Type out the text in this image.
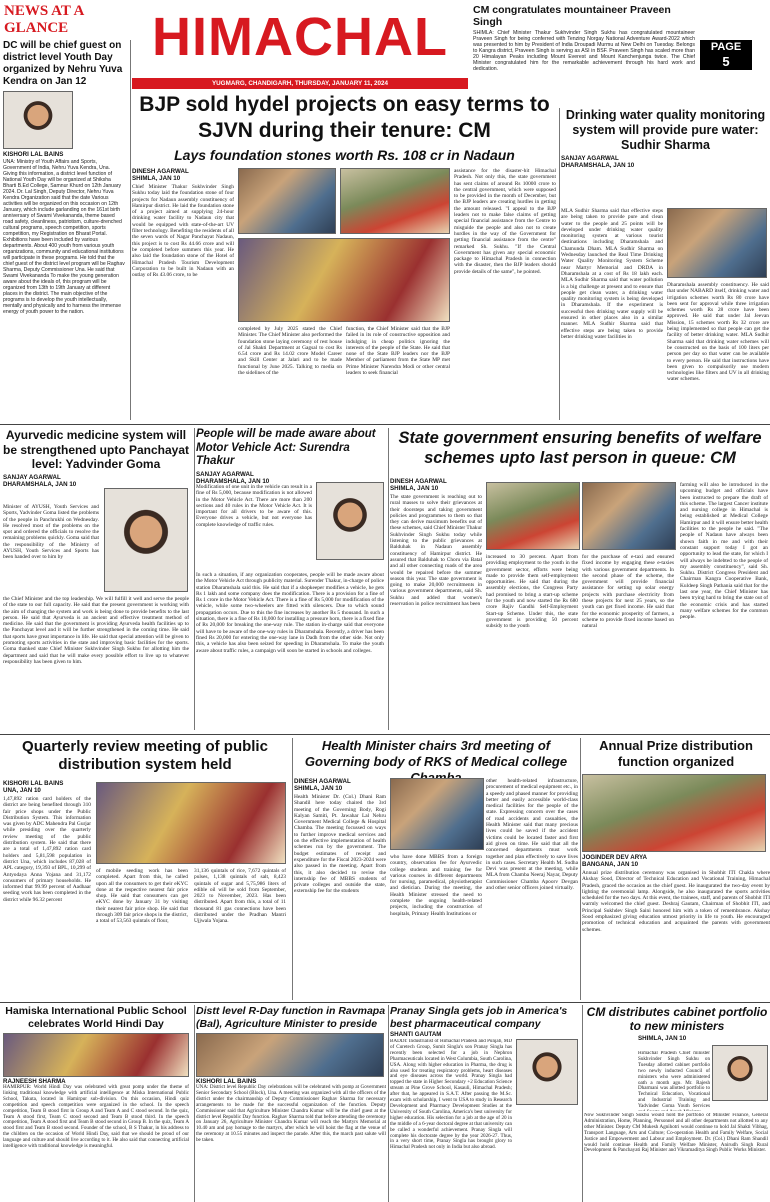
NEWS AT A GLANCE	HIMACHAL
YUGMARG, CHANDIGARH, THURSDAY, JANUARY 11, 2024
CM congratulates mountaineer Praveen Singh
SHIMLA: Chief Minister Thakur Sukhvinder Singh Sukhu has congratulated mountaineer Praveen Singh for being conferred with Tenzing Norgay National Adventure Award-2022 which was presented to him by President of India Droupadi Murmu at New Delhi on Tuesday. Belongs to Kangra district, Praveen Singh is serving as ASI in BSF. Praveen Singh has scaled more than 20 Himalayan Peaks including Mount Everest and Mount Kanchenjunga twice. The Chief Minister congratulated him for the remarkable achievement through his hard work and dedication.
PAGE
5
DC will be chief guest on district level Youth Day organized by Nehru Yuva Kendra on Jan 12
KISHORI LAL BAINS
UNA: Ministry of Youth Affairs and Sports, Government of India, Nehru Yuva Kendra, Una. Giving this information, a district level function of National Youth Day will be organized at Shiksha Bharti B.Ed College, Samnur Khurd on 12th January 2024. Dr. Lal Singh, Deputy Director, Nehru Yuva Kendra Organization said that the date Various activities will be organized on this occasion on 12th January, which include garlanding on the 161st birth anniversary of Swami Vivekananda, theme based road safety, cleanliness, patriotism, culture-drenched cultural programs, speech competition, sports competition, my Registration on Bharat Portal. Exhibitions have been included by various departments. About 400 youth from various youth organizations, community and educational institutions will participate in these programs. He told that the chief guest of the district level program will be Raghav Sharma, Deputy Commissioner Una. He said that Swami Vivekananda To make the young generation aware about the ideals of, this program will be organized from 13th to 19th January at different places in the district. The main objective of the programs is to develop the youth intellectually, mentally and physically and to harness the immense energy of youth power to the nation.
BJP sold hydel projects on easy terms to SJVN during their tenure: CM
Lays foundation stones worth Rs. 108 cr in Nadaun
DINESH AGARWAL
SHIMLA, JAN 10
Chief Minister Thakur Sukhvinder Singh Sukhu today laid the foundation stone of four projects for Nadaun assembly constituency of Hamirpur district. He laid the foundation stone of a project aimed at supplying 24-hour drinking water facility to Nadaun city that would be equipped with state-of-the-art UV filter technology. Benefiting the residents of all the seven wards of Nagar Panchayat Nadaun, this project is to cost Rs 44.66 crore and will be completed before summers this year. He also laid the foundation stone of the Hotel of Himachal Pradesh Tourism Development Corporation to be built in Nadaun with an outlay of Rs 43.06 crore, to be
completed by July 2025 stated the Chief Minister. The Chief Minister also performed the foundation stone laying ceremony of rest house of Jal Shakti Department at Gagsal to cost Rs 6.54 crore and Rs 14.02 crore Model Career and Skill Center at Jalari and to be made functional by June 2025. Talking to media on the sidelines of the
function, the Chief Minister said that the BJP failed in its role of constructive opposition and indulging in cheap politics ignoring the interests of the people of the State. He said that none of the State BJP leaders nor the BJP Member of parliament from the State MP met Prime Minister Narendra Modi or other central leaders to seek financial
assistance for the disaster-hit Himachal Pradesh. Not only this, the state government has sent claims of around Rs 10000 crore to the central government, which were supposed to be provided in the month of December, but the BJP leaders are creating hurdles in getting the amount released. "I appeal to the BJP leaders not to make false claims of getting special financial assistance from the Centre to misguide the people and also not to create hurdles in the way of the Government for getting financial assistance from the centre" remarked Sh. Sukhu. "If the Central Government has given any special economic package to Himachal Pradesh in connection with the disaster, then the BJP leaders should provide details of the same", he pointed.
Drinking water quality monitoring system will provide pure water: Sudhir Sharma
SANJAY AGARWAL
DHARAMSHALA, JAN 10
MLA Sudhir Sharma said that effective steps are being taken to provide pure and clean water to the people and 25 points will be developed under drinking water quality monitoring system at various tourist destinations including Dharamshala and Chamunda Dham. MLA Sudhir Sharma on Wednesday launched the Real Time Drinking Water Quality Monitoring System Scheme near Martyr Memorial and DRDA in Dharamshala at a cost of Rs 18 lakh each. MLA Sudhir Sharma said that water pollution is a big challenge at present and to ensure that people get clean water, a drinking water quality monitoring system is being developed in Dharamshala. If the experiment is successful then drinking water supply will be ensured in other places also in a similar manner. MLA Sudhir Sharma said that effective steps are being taken to provide better drinking water facilities in
Dharamshala assembly constituency. He said that under NABARD itself, drinking water and irrigation schemes worth Rs 80 crore have been sent for approval while three irrigation schemes worth Rs 28 crore have been approved. He said that under Jal Jeevan Mission, 15 schemes worth Rs 32 crore are being implemented so that people can get the facility of better drinking water. MLA Sudhir Sharma said that drinking water schemes will be constructed on the basis of 100 liters per person per day so that water can be available to every person. He said that instructions have been given to compulsorily use modern technologies like filters and UV in all drinking water schemes.
Ayurvedic medicine system will be strengthened upto Panchayat level: Yadvinder Goma
SANJAY AGARWAL
DHARAMSHALA, JAN 10
Minister of AYUSH, Youth Services and Sports, Yadvinder Goma listed the problems of the people in Panchrukhi on Wednesday. He resolved most of the problems on the spot and ordered the officials to resolve the remaining problems quickly. Goma said that the responsibility of the Ministry of AYUSH, Youth Services and Sports has been handed over to him by
the Chief Minister and the top leadership. We will fulfill it well and serve the people of the state to our full capacity. He said that the present government is working with the aim of changing the system and work is being done to provide benefits to the last person. He said that Ayurveda is an ancient and effective treatment method of medicine. He said that the government is providing Ayurveda health facilities up to the Panchayat level and it will be further strengthened in the coming time. He said that sports have great importance in life. He said that special attention will be given to promoting sports activities in the state and improving basic facilities for the sports. Goma thanked state Chief Minister Sukhvinder Singh Sukhu for allotting him the department and said that he will make every possible effort to live up to whatever responsibility has been given to him.
People will be made aware about Motor Vehicle Act: Surendra Thakur
SANJAY AGARWAL
DHARAMSHALA, JAN 10
Modification of one unit in the vehicle can result in a fine of Rs 5,000, because modification is not allowed in the Motor Vehicle Act. There are more than 200 sections and 40 rules in the Motor Vehicle Act. It is important for all drivers to be aware of this. Everyone drives a vehicle, but not everyone has complete knowledge of traffic rules.
In such a situation, if any organization cooperates, people will be made aware about the Motor Vehicle Act through publicity material. Surender Thakur, in-charge of police station Dharamshala said this. He said that if a shopkeeper modifies a vehicle, he gets Rs 1 lakh and some company does the modification. There is a provision for a fine of Rs 1 crore in the Motor Vehicle Act. There is a fine of Rs 5,000 for modification of the vehicle, while some two-wheelers are fitted with silencers. Due to which sound propagation occurs. Due to this the fine increases by another Rs 5 thousand. In such a situation, there is a fine of Rs 10,000 for installing a pressure horn, there is a fixed fine of Rs 20,000 for breaking the one-way rule. The station in-charge said that everyone will have to be aware of the one-way rules in Dharamshala. Recently, a driver has been fined Rs 20,000 for entering the one-way lane in Dadh from the other side. Not only this, a vehicle has also been seized for speeding in Dharamshala. To make the youth aware about traffic rules, a campaign will soon be started in schools and colleges.
State government ensuring benefits of welfare schemes upto last person in queue: CM
DINESH AGARWAL
SHIMLA, JAN 10
The state government is reaching out to rural masses to solve their grievances at their doorsteps and taking government policies and programmes to them so that they can derive maximum benefits out of these schemes, said Chief Minister Thakur Sukhvinder Singh Sukhu today while listening to the public grievances at Balduhak in Nadaun assembly constituency of Hamirpur district. He assured that Balduhak to Choru via Batal and all other connecting roads of the area would be repaired before the summer season this year. The state government is going to make 20,000 recruitments in various government departments, said Sh. Sukhu and added that women's reservation in police recruitment has been
increased to 30 percent. Apart from providing employment to the youth in the government sector, efforts were being made to provide them self-employment opportunities. He said that during the assembly elections, the Congress Party had promised to bring a start-up scheme for the youth and now started the Rs 680 crore Rajiv Gandhi Self-Employment Start-up Scheme. Under this, the state government is providing 50 percent subsidy to the youth
for the purchase of e-taxi and ensured fixed income by engaging these e-taxies with various government departments. In the second phase of the scheme, the government will provide financial assistance for setting up solar energy projects with purchase electricity from these projects for next 25 years, so the youth can get fixed income. He said that for the economic prosperity of farmers, a scheme to provide fixed income based on natural
farming will also be introduced in the upcoming budget and officials have been instructed to prepare the draft of this scheme. The largest Cancer institute and nursing college in Himachal is being established at Medical College Hamirpur and it will ensure better health facilities to the people he said. "The people of Nadaun have always been shown faith in me and with their constant support today I got an opportunity to lead the state, for which I will always be indebted to the people of my assembly constituency", said Sh. Sukhu. District Congress President and Chairman Kangra Cooperative Bank, Kuldeep Singh Pathania said that for the last one year, the Chief Minister has been trying hard to bring the state out of the economic crisis and has started many welfare schemes for the common people.
Quarterly review meeting of public distribution system held
KISHORI LAL BAINS
UNA, JAN 10
1,47,892 ration card holders of the district are being benefited through 310 fair price shops under the Public Distribution System. This information was given by ADC Mahendra Pal Gurjar while presiding over the quarterly review meeting of the public distribution system. He said that there are a total of 1,47,892 ration card holders and 5,81,598 population in district Una, which includes 87,028 of APL category, 19,393 of BPL, 10,299 of Antyodaya Anna Yojana and 31,172 consumers of primary households. He informed that 99.99 percent of Aadhaar seeding work has been completed in the district while 96.32 percent
of mobile seeding work has been completed. Apart from this, he called upon all the consumers to get their eKYC done at the respective nearest fair price shop. He said that consumers can get eKYC done by January 31 by visiting their nearest fair price shop. He said that through 309 fair price shops in the district, a total of 53,563 quintals of flour,
31,136 quintals of rice, 7,672 quintals of pulses, 1,138 quintals of salt, 8,423 quintals of sugar and 5,75,986 liters of edible oil will be sold from September, 2023 to November, 2023. Has been distributed. Apart from this, a total of 11 thousand 81 gas connections have been distributed under the Pradhan Mantri Ujjwala Yojana.
Health Minister chairs 3rd meeting of Governing body of RKS of Medical college
DINESH AGARWAL
SHIMLA, JAN 10
Health Minister Dr. (Col.) Dhani Ram Shandil here today chaired the 3rd meeting of the Governing Body, Rogi Kalyan Samiti, Pt. Jawahar Lal Nehru Government Medical College & Hospital Chamba. The meeting focussed on ways to further improve medical services and on the effective implementation of health schemes run by the government. The budget estimates of receipt and expenditure for the Fiscal 2023-2024 were also passed in the meeting. Apart from this, it also decided to revise the internship fee of MBBS students of private colleges and outside the state, externship fee for the students
who have done MBBS from a foreign country, observation fee for Ayurvedic college students and training fee for various courses in different departments for nursing, paramedical, physiotherapist and dietician. During the meeting, the Health Minister stressed the need to complete the ongoing health-related projects, including the construction of hospitals, Primary Health Institutions or
other health-related infrastructure, procurement of medical equipment etc., in a speedy and phased manner for providing better and easily accessible world-class medical facilities for the people of the state. Expressing concern over the cases of road accidents and casualties, the Health Minister said that many precious lives could be saved if the accident victims could be located faster and first aid given on time. He said that all the concerned departments must work together and plan effectively to save lives in such cases. Secretary Health M. Sudha Devi was present at the meeting, while MLA from Chamba Neeraj Nayar, Deputy Commissioner Chamba Apoorv Devgan and other senior officers joined virtually.
Annual Prize distribution function organized
JOGINDER DEV ARYA
BANGANA, JAN 10
Annual prize distribution ceremony was organised in Shobhit ITI Chakla where Akshay Sood, Director of Technical Education and Vocational Training, Himachal Pradesh, graced the occasion as the chief guest. He inaugurated the two-day event by lighting the ceremonial lamp. Alongside, he also inaugurated the sports activities scheduled for the two days. At this event, the trainees, staff, and parents of Shobhit ITI warmly welcomed the chief guest. Deshraj Gautam, Chairman of Shobhit ITI, and Principal Sukhdev Singh Saini honored him with a token of remembrance. Akshay Sood emphasized giving education utmost priority in life to youth. He encouraged promotion of technical education and acquainted the parents with government schemes.
Hamiska International Public School celebrates World Hindi Day
RAJNEESH SHARMA
HAMIRPUR: World Hindi Day was celebrated with great pomp under the theme of linking traditional knowledge with artificial intelligence at Miska International Public School, Takuta, located in Hamirpur sub-division. On this occasion, Hindi quiz competition and speech competition were organized in the school. In the speech competition, Team B stood first in Group A and Team A and C stood second. In the quiz, Team A stood first, Team C stood second and Team B stood third. In the speech competition, Team A stood first and Team B stood second in Group B. In the quiz, Team A stood first and Team B stood second. Founder of the school, B S Thakur, in his address to the children on the occasion of World Hindi Day, said that we should be proud of our language and culture and should live according to it. He also said that connecting artificial intelligence with traditional knowledge is meaningful.
Distt level R-Day function in Ravmapa (Bal), Agriculture Minister to preside
KISHORI LAL BAINS
UNA: District level Republic Day celebrations will be celebrated with pomp at Government Senior Secondary School (Block), Una. A meeting was organized with all the officers of the district under the chairmanship of Deputy Commissioner Raghav Sharma for necessary arrangements to be made for the successful organization of the function. Deputy Commissioner said that Agriculture Minister Chandra Kumar will be the chief guest at the district level Republic Day function. Raghav Sharma told that before attending the ceremony on January 26, Agriculture Minister Chandra Kumar will reach the Martyrs Memorial at 10.40 am and pay homage to the martyrs, after which he will hoist the flag at the venue of the ceremony at 10.55 minutes and inspect the parade. After this, the march past salute will be taken.
Pranay Singla gets job in America's best pharmaceutical company
SHANTI GAUTAM
BADDI: Industrialist of Himachal Pradesh and Punjab, MD of Curetech Group, Sumit Singla's son Pranay Singla has recently been selected for a job in Nephron Pharmaceuticals located in West Columbia, South Carolina, USA. Along with higher education in Pharma, the drug is also used for treating respiratory problems, heart diseases and eye diseases across the world. Pranay Singla had topped the state in Higher Secondary +2 Education Science stream at Pine Grove School, Kasauli, Himachal Pradesh; after that, he appeared in S.A.T. After passing the M.Sc. exam with scholarship, I went to USA to study in Research Development and Pharmacy Development Studies at the University of South Carolina, America's best university for higher education. His selection for a job at the age of 20 in the middle of a 6-year doctoral degree at that university can be called a wonderful achievement. Pranay Singla will complete his doctorate degree by the year 2026-27. Thus, in a very short time, Pranay Singla has brought glory to Himachal Pradesh not only in India but also abroad.
CM distributes cabinet portfolio to new ministers
SHIMLA, JAN 10
Himachal Pradesh Chief minister Sukhvinder Singh Sukhu on Tuesday allotted cabinet portfolio two newly inducted Council of ministers who were administered oath a month ago. Mr. Rajesh Dharmani was allotted portfolio to Technical Education, Vocational and Industrial Training and Yadvinder Goma Youth Services
Now Sukhvinder Singh Sukhu would hold the portfolio of Minister Finance, General Administration, Home, Planning, Personnel and all other departments not allotted to any other Minister. Deputy CM Mukesh Agnihotri would continue to hold Jal Shakti Vibhag, Transport Language, Arts and Culture; Co-operation Health and Family Welfare, Social Justice and Empowerment and Labour and Employment. Dr. (Col.) Dhani Ram Shandil would hold continue Health and Family Welfare Minister, Anirudh Singh Rural Development & Panchayati Raj Minister and Vikramaditya Singh Public Works Minister.
